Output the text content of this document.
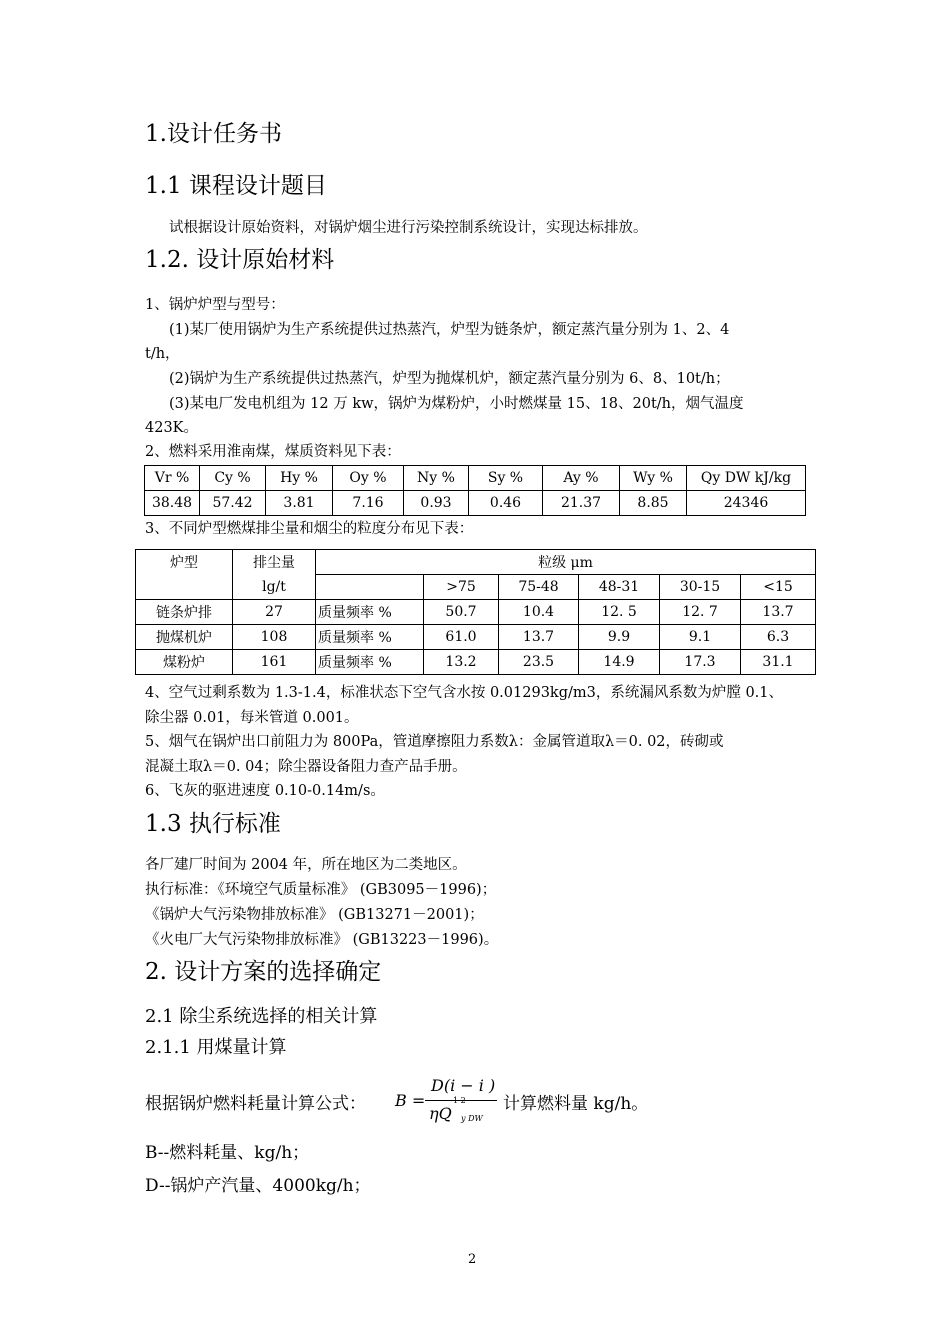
1.设计任务书
1.1 课程设计题目
试根据设计原始资料，对锅炉烟尘进行污染控制系统设计，实现达标排放。
1.2. 设计原始材料
1、锅炉炉型与型号：
(1)某厂使用锅炉为生产系统提供过热蒸汽，炉型为链条炉，额定蒸汽量分别为 1、2、4
t/h，
(2)锅炉为生产系统提供过热蒸汽，炉型为抛煤机炉，额定蒸汽量分别为 6、8、10t/h；
(3)某电厂发电机组为 12 万 kw，锅炉为煤粉炉，小时燃煤量 15、18、20t/h，烟气温度
423K。
2、燃料采用淮南煤，煤质资料见下表：
Vr %	Cy %	Hy %	Oy %	Ny %	Sy %	Ay %	Wy %	Qy DW kJ/kg
38.48	57.42	3.81	7.16	0.93	0.46	21.37	8.85	24346
3、不同炉型燃煤排尘量和烟尘的粒度分布见下表：
炉型	排尘量	粒级 μm					
	lg/t		>75	75-48	48-31	30-15	<15
链条炉排	27	质量频率 %	50.7	10.4	12. 5	12. 7	13.7
抛煤机炉	108	质量频率 %	61.0	13.7	9.9	9.1	6.3
煤粉炉	161	质量频率 %	13.2	23.5	14.9	17.3	31.1
4、空气过剩系数为 1.3-1.4，标准状态下空气含水按 0.01293kg/m3，系统漏风系数为炉膛 0.1、
除尘器 0.01，每米管道 0.001。
5、烟气在锅炉出口前阻力为 800Pa，管道摩擦阻力系数λ：金属管道取λ＝0. 02，砖砌或
混凝土取λ＝0. 04；除尘器设备阻力查产品手册。
6、飞灰的驱进速度 0.10-0.14m/s。
1.3 执行标准
各厂建厂时间为 2004 年，所在地区为二类地区。
执行标准：《环境空气质量标准》 (GB3095－1996)；
《锅炉大气污染物排放标准》 (GB13271－2001)；
《火电厂大气污染物排放标准》 (GB13223－1996)。
2. 设计方案的选择确定
2.1 除尘系统选择的相关计算
2.1.1 用煤量计算
根据锅炉燃料耗量计算公式： B =
D(i − i )
ηQ y DW
计算燃料量 kg/h。
B--燃料耗量、kg/h；
D--锅炉产汽量、4000kg/h；
2
